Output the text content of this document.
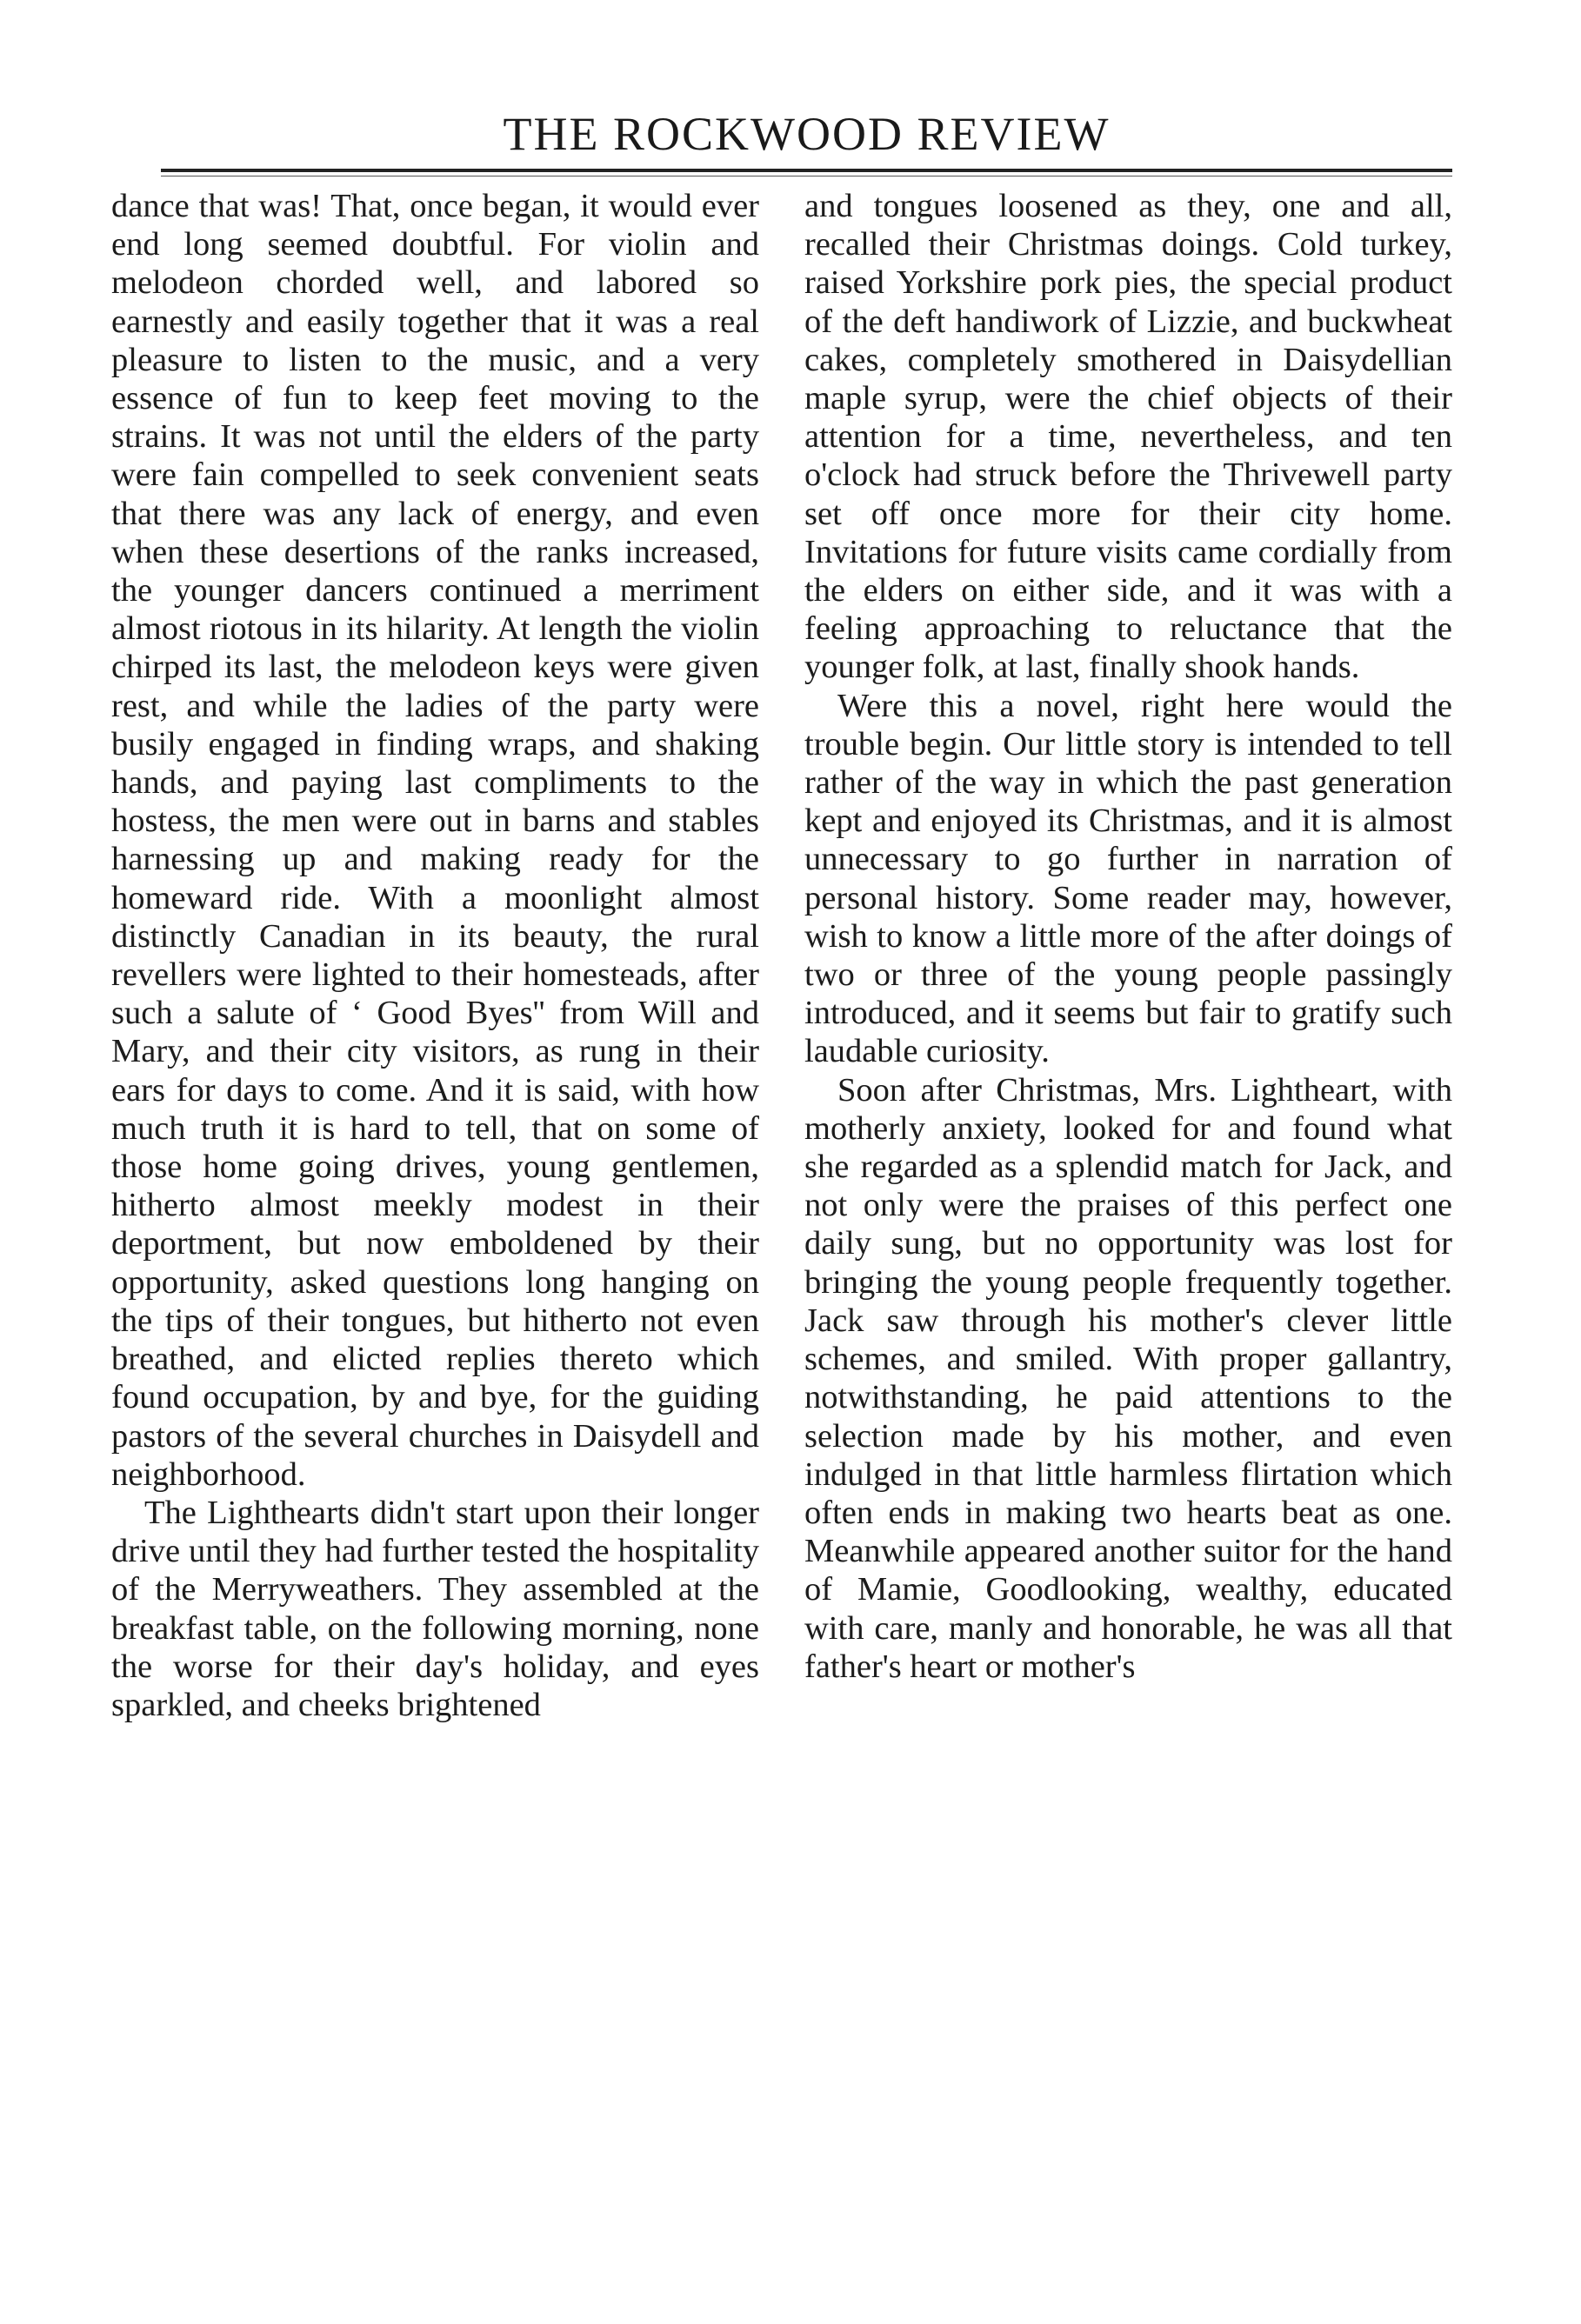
THE ROCKWOOD REVIEW

dance that was! That, once began, it would ever end long seemed doubtful. For violin and melodeon chorded well, and labored so earnestly and easily together that it was a real pleasure to listen to the music, and a very essence of fun to keep feet moving to the strains. It was not until the elders of the party were fain compelled to seek convenient seats that there was any lack of energy, and even when these desertions of the ranks increased, the younger dancers continued a merriment almost riotous in its hilarity. At length the violin chirped its last, the melodeon keys were given rest, and while the ladies of the party were busily engaged in finding wraps, and shaking hands, and paying last compliments to the hostess, the men were out in barns and stables harnessing up and making ready for the homeward ride. With a moonlight almost distinctly Canadian in its beauty, the rural revellers were lighted to their homesteads, after such a salute of ‘ Good Byes'' from Will and Mary, and their city visitors, as rung in their ears for days to come. And it is said, with how much truth it is hard to tell, that on some of those home going drives, young gentlemen, hitherto almost meekly modest in their deportment, but now emboldened by their opportunity, asked questions long hanging on the tips of their tongues, but hitherto not even breathed, and elicted replies thereto which found occupation, by and bye, for the guiding pastors of the several churches in Daisydell and neighborhood.

The Lighthearts didn't start upon their longer drive until they had further tested the hospitality of the Merryweathers. They assembled at the breakfast table, on the following morning, none the worse for their day's holiday, and eyes sparkled, and cheeks brightened

and tongues loosened as they, one and all, recalled their Christmas doings. Cold turkey, raised Yorkshire pork pies, the special product of the deft handiwork of Lizzie, and buckwheat cakes, completely smothered in Daisydellian maple syrup, were the chief objects of their attention for a time, nevertheless, and ten o'clock had struck before the Thrivewell party set off once more for their city home. Invitations for future visits came cordially from the elders on either side, and it was with a feeling approaching to reluctance that the younger folk, at last, finally shook hands.

Were this a novel, right here would the trouble begin. Our little story is intended to tell rather of the way in which the past generation kept and enjoyed its Christmas, and it is almost unnecessary to go further in narration of personal history. Some reader may, however, wish to know a little more of the after doings of two or three of the young people passingly introduced, and it seems but fair to gratify such laudable curiosity.

Soon after Christmas, Mrs. Lightheart, with motherly anxiety, looked for and found what she regarded as a splendid match for Jack, and not only were the praises of this perfect one daily sung, but no opportunity was lost for bringing the young people frequently together. Jack saw through his mother's clever little schemes, and smiled. With proper gallantry, notwithstanding, he paid attentions to the selection made by his mother, and even indulged in that little harmless flirtation which often ends in making two hearts beat as one. Meanwhile appeared another suitor for the hand of Mamie, Goodlooking, wealthy, educated with care, manly and honorable, he was all that father's heart or mother's
